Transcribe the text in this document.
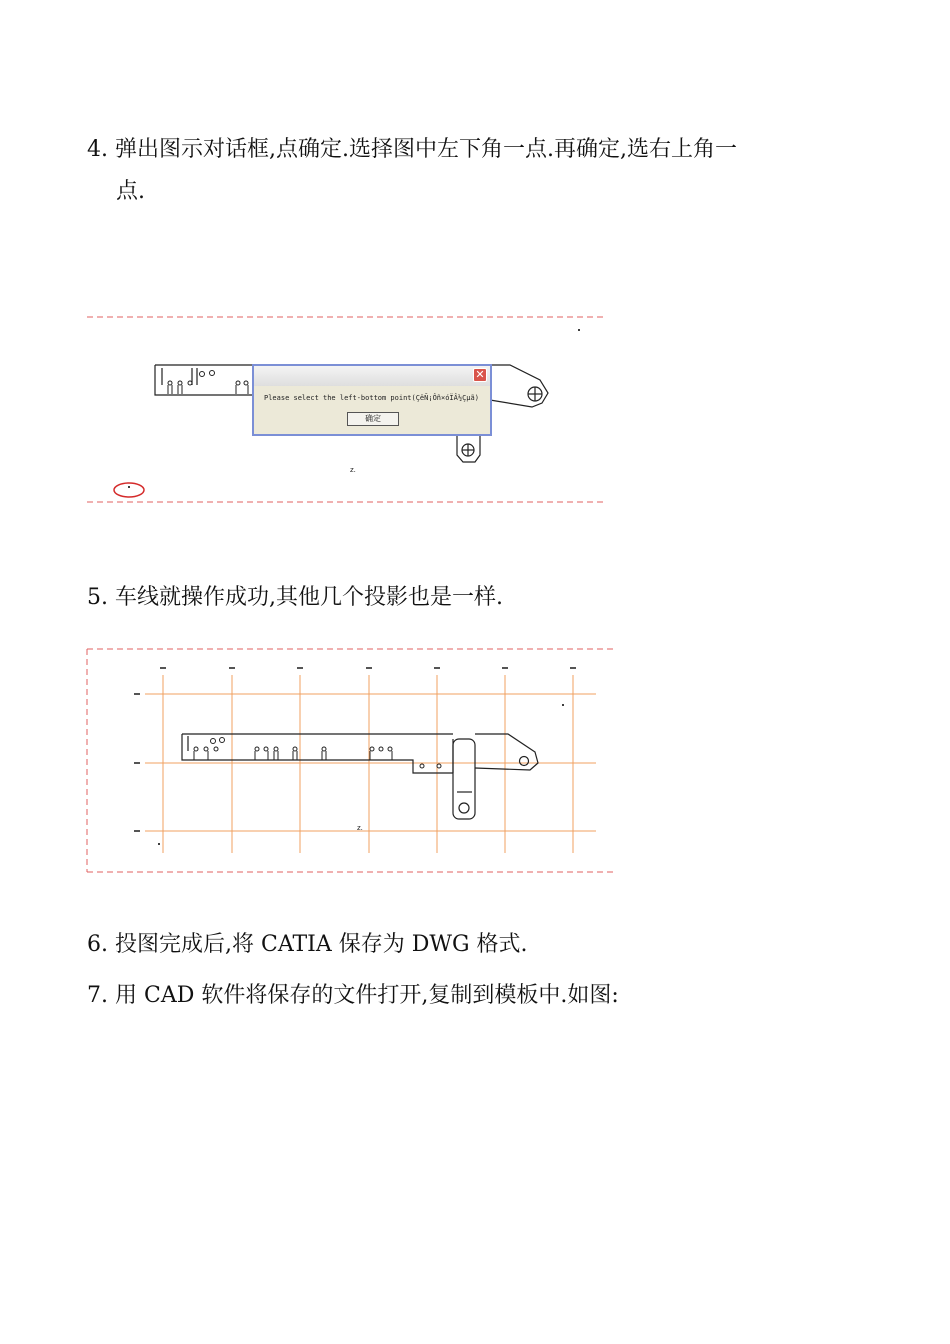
4. 弹出图示对话框,点确定.选择图中左下角一点.再确定,选右上角一
点.
z.
z.
✕
Please select the left-bottom point(ÇëÑ¡Ôñ×óÏÂ½Çµã)
确定
5. 车线就操作成功,其他几个投影也是一样.
6. 投图完成后,将 CATIA 保存为 DWG 格式.
7. 用 CAD 软件将保存的文件打开,复制到模板中.如图:
